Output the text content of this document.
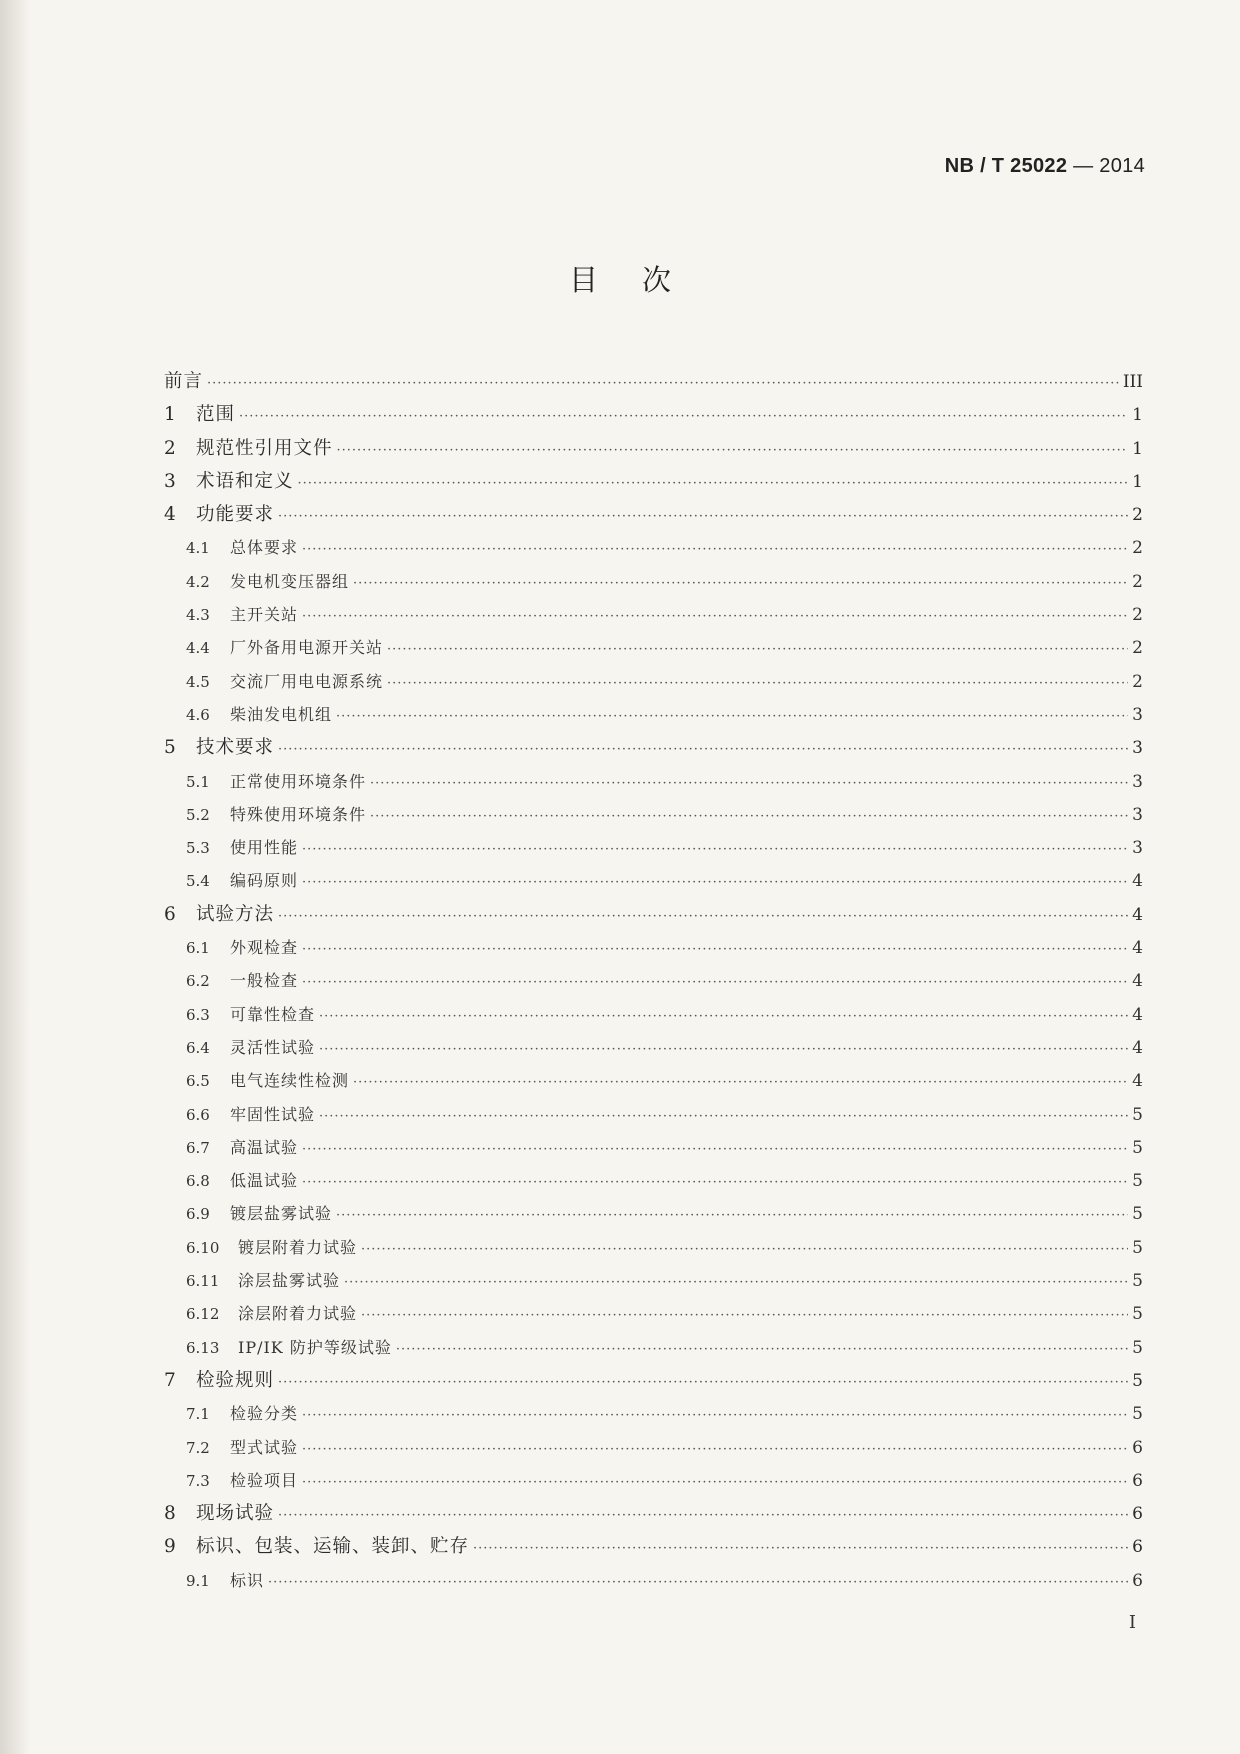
NB / T 25022 — 2014
目次
前言 ·····	III
1	范围 ·····	1
2	规范性引用文件 ·····	1
3	术语和定义 ·····	1
4	功能要求 ·····	2
4.1	总体要求 ·····	2
4.2	发电机变压器组 ·····	2
4.3	主开关站 ·····	2
4.4	厂外备用电源开关站 ·····	2
4.5	交流厂用电电源系统 ·····	2
4.6	柴油发电机组 ·····	3
5	技术要求 ·····	3
5.1	正常使用环境条件 ·····	3
5.2	特殊使用环境条件 ·····	3
5.3	使用性能 ·····	3
5.4	编码原则 ·····	4
6	试验方法 ·····	4
6.1	外观检查 ·····	4
6.2	一般检查 ·····	4
6.3	可靠性检查 ·····	4
6.4	灵活性试验 ·····	4
6.5	电气连续性检测 ·····	4
6.6	牢固性试验 ·····	5
6.7	高温试验 ·····	5
6.8	低温试验 ·····	5
6.9	镀层盐雾试验 ·····	5
6.10	镀层附着力试验 ·····	5
6.11	涂层盐雾试验 ·····	5
6.12	涂层附着力试验 ·····	5
6.13	IP/IK 防护等级试验 ·····	5
7	检验规则 ·····	5
7.1	检验分类 ·····	5
7.2	型式试验 ·····	6
7.3	检验项目 ·····	6
8	现场试验 ·····	6
9	标识、包装、运输、装卸、贮存 ·····	6
9.1	标识 ·····	6
I
